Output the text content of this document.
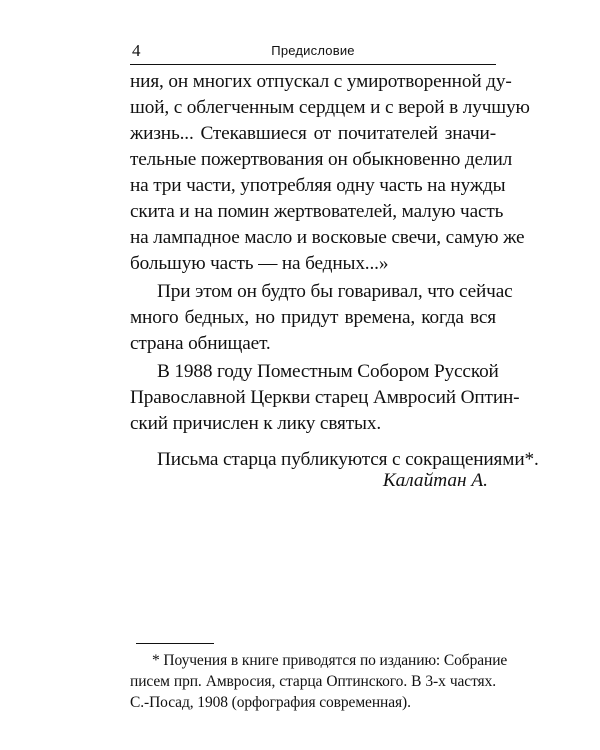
4	Предисловие
ния, он многих отпускал с умиротворенной ду-
шой, с облегченным сердцем и с верой в лучшую
жизнь... Стекавшиеся от почитателей значи-
тельные пожертвования он обыкновенно делил
на три части, употребляя одну часть на нужды
скита и на помин жертвователей, малую часть
на лампадное масло и восковые свечи, самую же
большую часть — на бедных...»
При этом он будто бы говаривал, что сейчас
много бедных, но придут времена, когда вся
страна обнищает.
В 1988 году Поместным Собором Русской
Православной Церкви старец Амвросий Оптин-
ский причислен к лику святых.
Письма старца публикуются с сокращениями*.
Калайтан А.
* Поучения в книге приводятся по изданию: Собрание
писем прп. Амвросия, старца Оптинского. В 3-х частях.
С.-Посад, 1908 (орфография современная).
